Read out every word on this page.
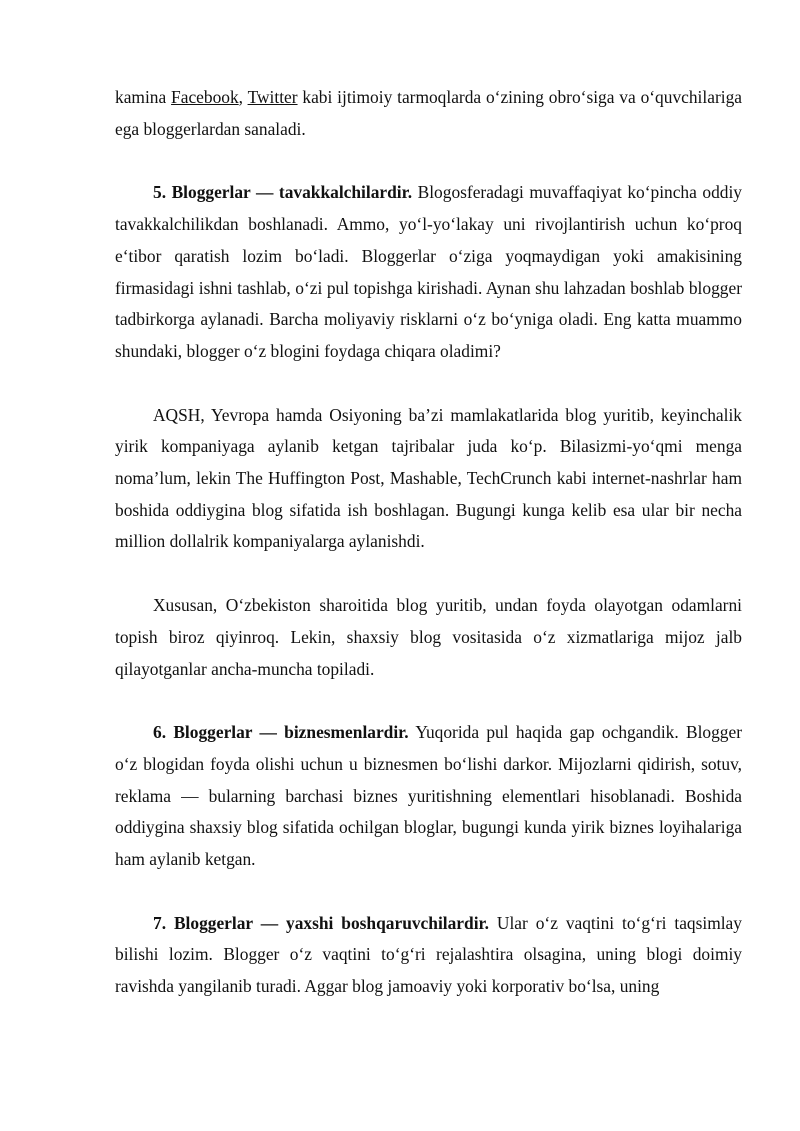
kamina Facebook, Twitter kabi ijtimoiy tarmoqlarda o‘zining obro‘siga va o‘quvchilariga ega bloggerlardan sanaladi.

5. Bloggerlar — tavakkalchilardir. Blogosferadagi muvaffaqiyat ko‘pincha oddiy tavakkalchilikdan boshlanadi. Ammo, yo‘l-yo‘lakay uni rivojlantirish uchun ko‘proq e‘tibor qaratish lozim bo‘ladi. Bloggerlar o‘ziga yoqmaydigan yoki amakisining firmasidagi ishni tashlab, o‘zi pul topishga kirishadi. Aynan shu lahzadan boshlab blogger tadbirkorga aylanadi. Barcha moliyaviy risklarni o‘z bo‘yniga oladi. Eng katta muammo shundaki, blogger o‘z blogini foydaga chiqara oladimi?

AQSH, Yevropa hamda Osiyoning ba’zi mamlakatlarida blog yuritib, keyinchalik yirik kompaniyaga aylanib ketgan tajribalar juda ko‘p. Bilasizmi-yo‘qmi menga noma’lum, lekin The Huffington Post, Mashable, TechCrunch kabi internet-nashrlar ham boshida oddiygina blog sifatida ish boshlagan. Bugungi kunga kelib esa ular bir necha million dollalrik kompaniyalarga aylanishdi.

Xususan, O‘zbekiston sharoitida blog yuritib, undan foyda olayotgan odamlarni topish biroz qiyinroq. Lekin, shaxsiy blog vositasida o‘z xizmatlariga mijoz jalb qilayotganlar ancha-muncha topiladi.

6. Bloggerlar — biznesmenlardir. Yuqorida pul haqida gap ochgandik. Blogger o‘z blogidan foyda olishi uchun u biznesmen bo‘lishi darkor. Mijozlarni qidirish, sotuv, reklama — bularning barchasi biznes yuritishning elementlari hisoblanadi. Boshida oddiygina shaxsiy blog sifatida ochilgan bloglar, bugungi kunda yirik biznes loyihalariga ham aylanib ketgan.

7. Bloggerlar — yaxshi boshqaruvchilardir. Ular o‘z vaqtini to‘g‘ri taqsimlay bilishi lozim. Blogger o‘z vaqtini to‘g‘ri rejalashtira olsagina, uning blogi doimiy ravishda yangilanib turadi. Aggar blog jamoaviy yoki korporativ bo‘lsa, uning
